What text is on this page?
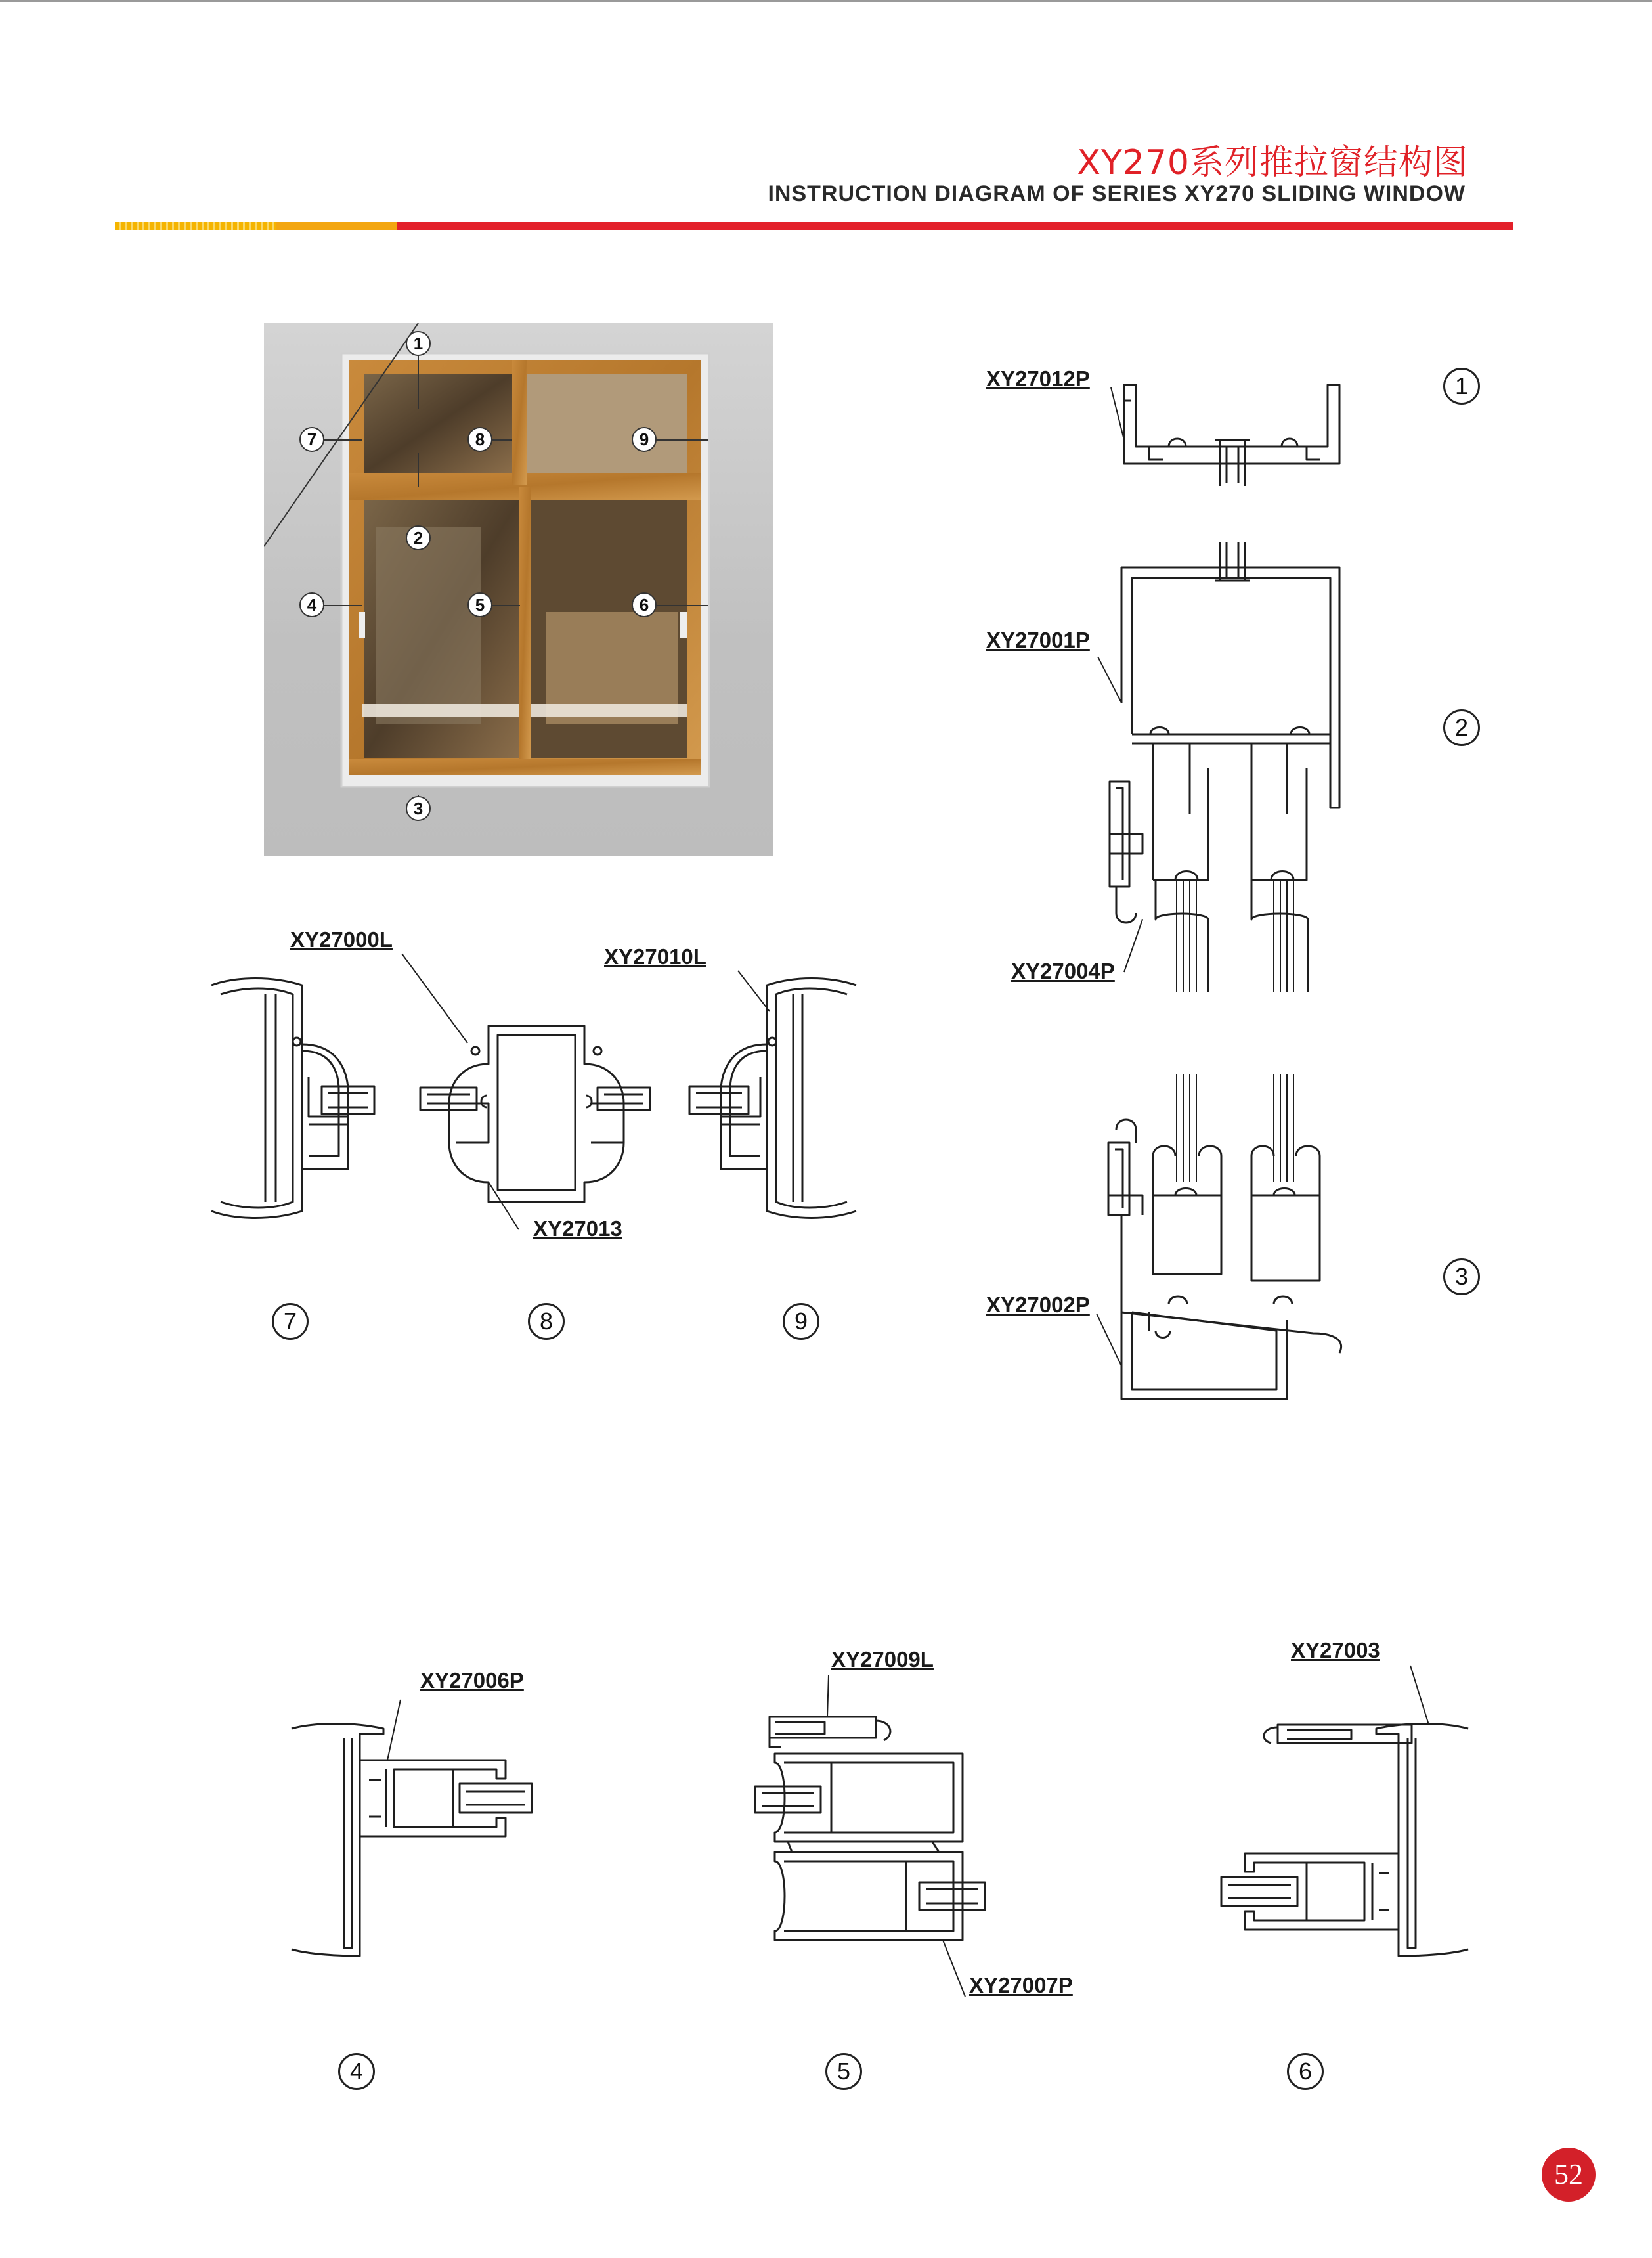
XY270系列推拉窗结构图
INSTRUCTION DIAGRAM OF SERIES XY270 SLIDING WINDOW
1
2
3
4	5	6
7	8	9
XY27012P
XY27001P
XY27004P
XY27002P
XY27000L
XY27010L
XY27013
XY27006P
XY27009L
XY27007P
XY27003
1
2
3
4	5	6
7	8	9
52
